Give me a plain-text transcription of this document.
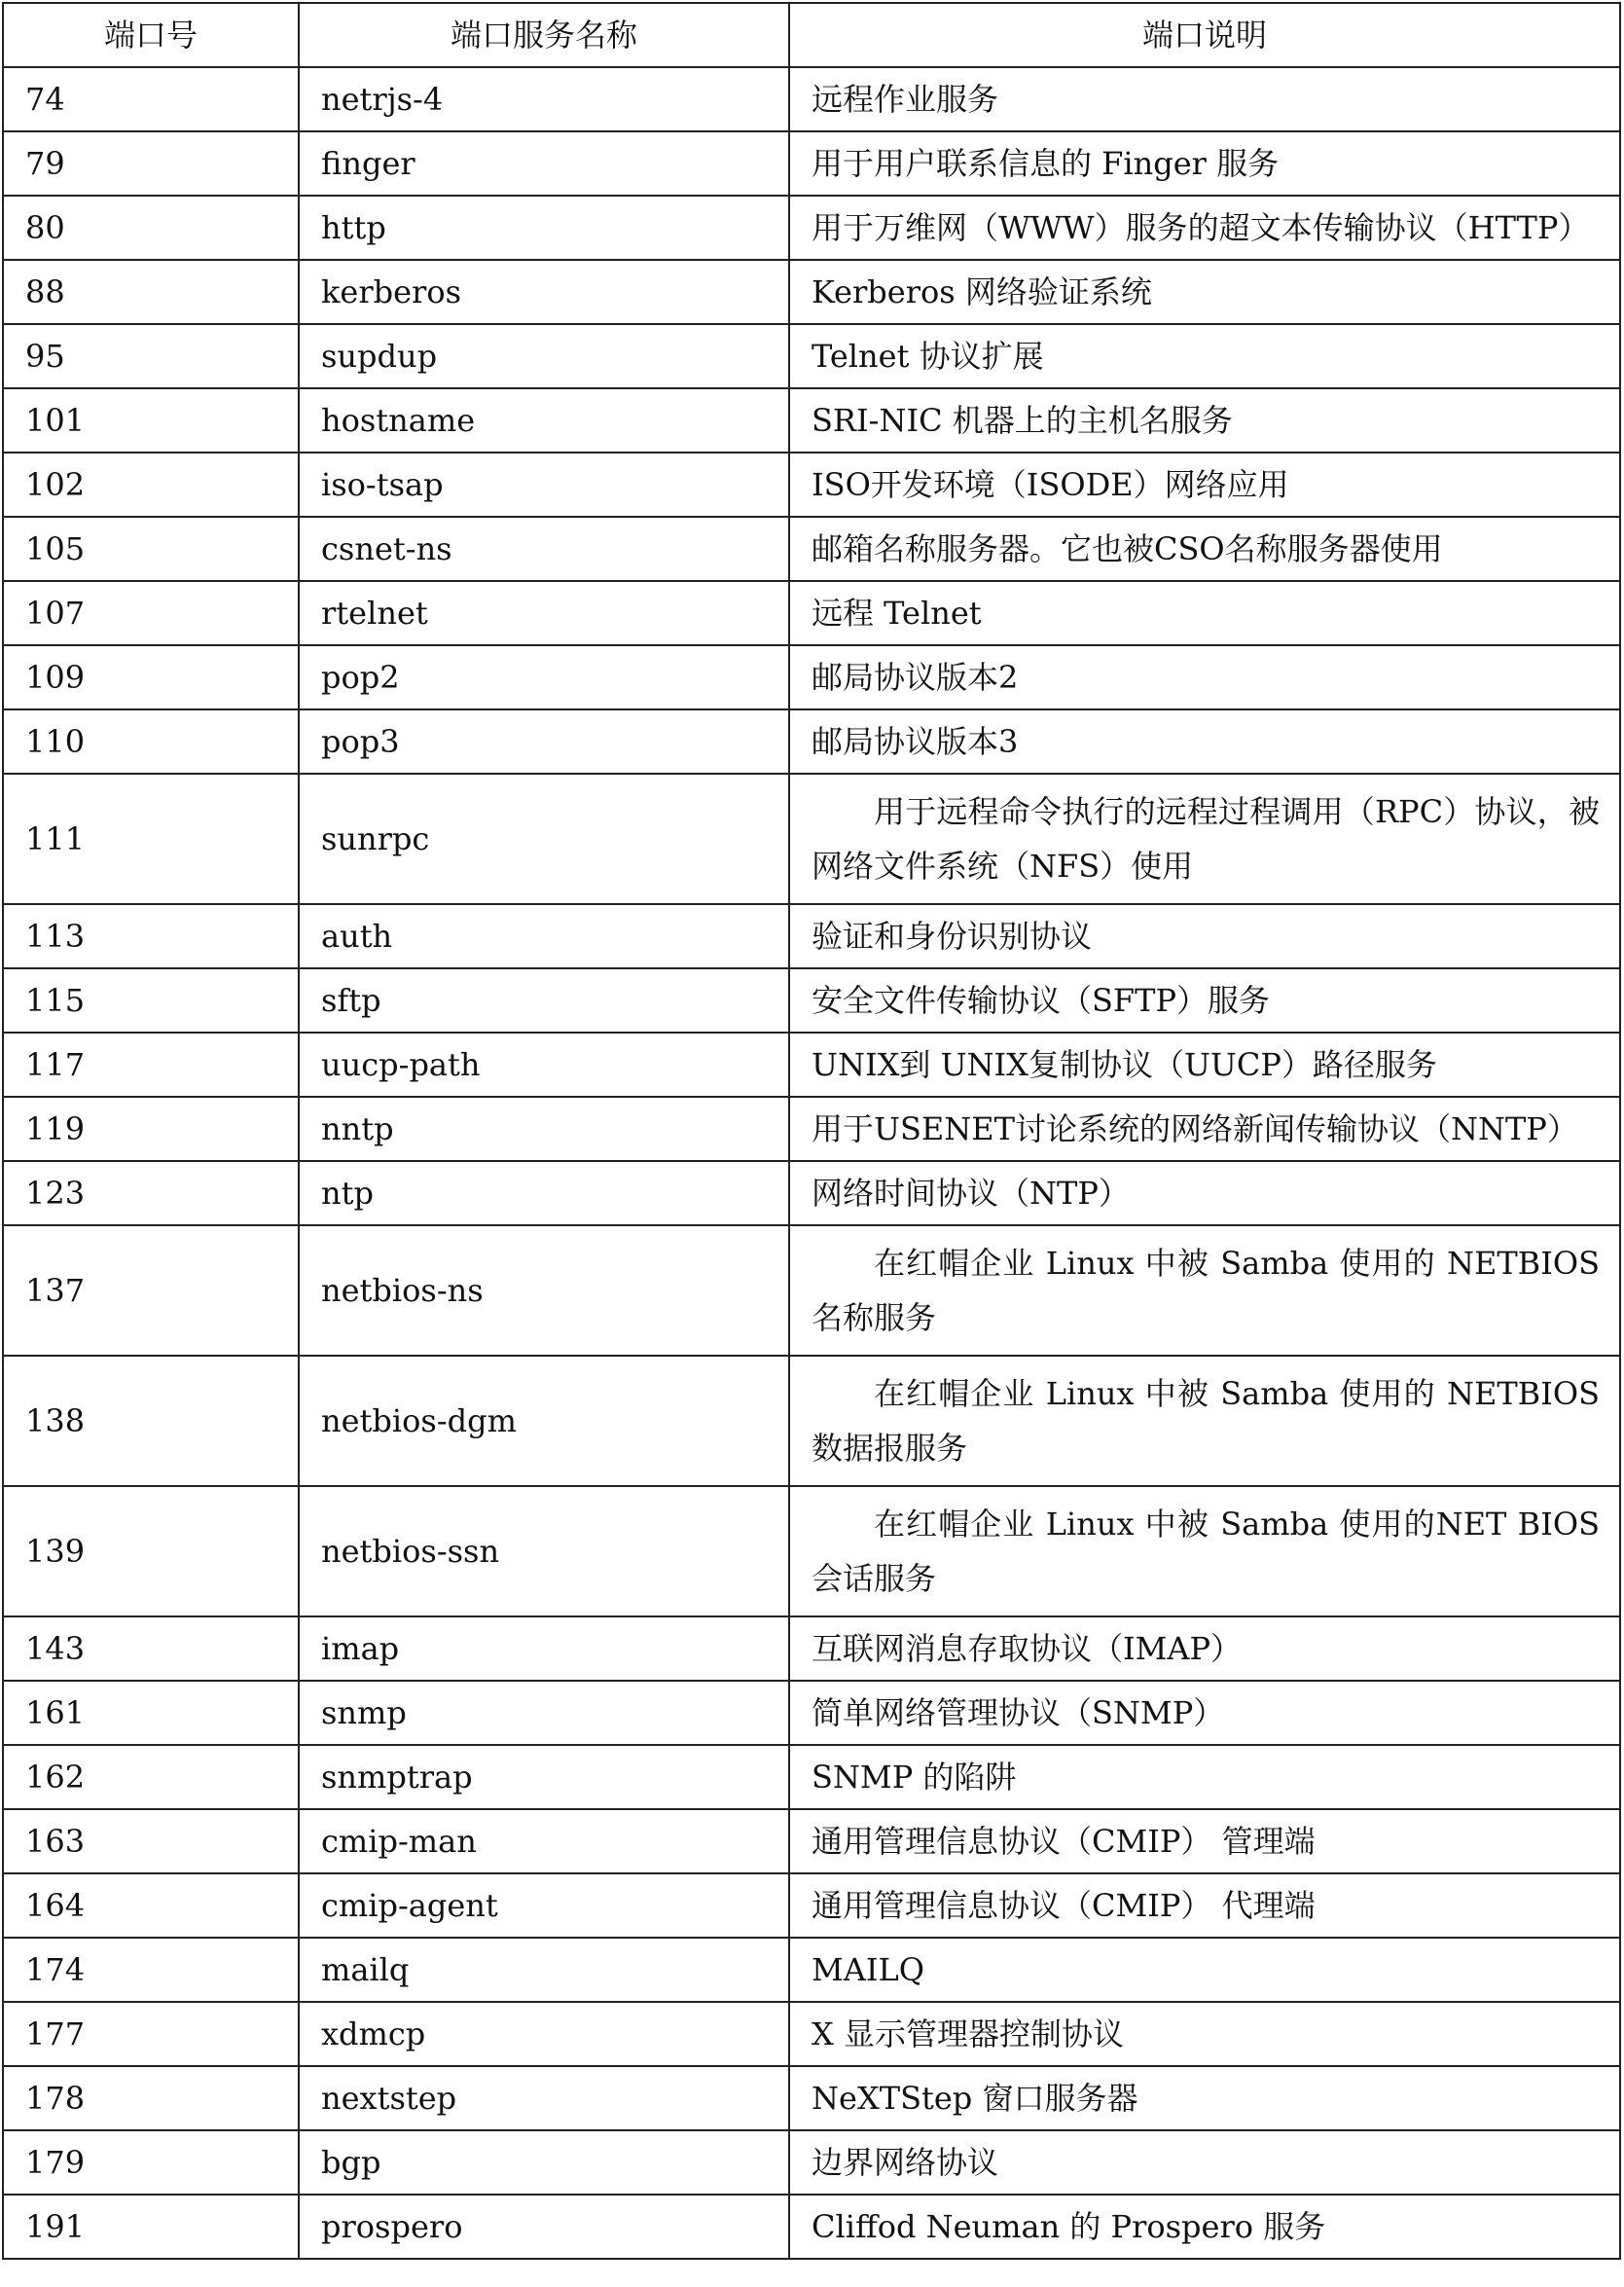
端口号	端口服务名称	端口说明
74	netrjs-4	远程作业服务
79	finger	用于用户联系信息的 Finger 服务
80	http	用于万维网（WWW）服务的超文本传输协议（HTTP）
88	kerberos	Kerberos 网络验证系统
95	supdup	Telnet 协议扩展
101	hostname	SRI-NIC 机器上的主机名服务
102	iso-tsap	ISO开发环境（ISODE）网络应用
105	csnet-ns	邮箱名称服务器。它也被CSO名称服务器使用
107	rtelnet	远程 Telnet
109	pop2	邮局协议版本2
110	pop3	邮局协议版本3
111	sunrpc	用于远程命令执行的远程过程调用（RPC）协议，被网络文件系统（NFS）使用
113	auth	验证和身份识别协议
115	sftp	安全文件传输协议（SFTP）服务
117	uucp-path	UNIX到 UNIX复制协议（UUCP）路径服务
119	nntp	用于USENET讨论系统的网络新闻传输协议（NNTP）
123	ntp	网络时间协议（NTP）
137	netbios-ns	在红帽企业 Linux 中被 Samba 使用的 NETBIOS 名称服务
138	netbios-dgm	在红帽企业 Linux 中被 Samba 使用的 NETBIOS 数据报服务
139	netbios-ssn	在红帽企业 Linux 中被 Samba 使用的NET BIOS 会话服务
143	imap	互联网消息存取协议（IMAP）
161	snmp	简单网络管理协议（SNMP）
162	snmptrap	SNMP 的陷阱
163	cmip-man	通用管理信息协议（CMIP） 管理端
164	cmip-agent	通用管理信息协议（CMIP） 代理端
174	mailq	MAILQ
177	xdmcp	X 显示管理器控制协议
178	nextstep	NeXTStep 窗口服务器
179	bgp	边界网络协议
191	prospero	Cliffod Neuman 的 Prospero 服务
